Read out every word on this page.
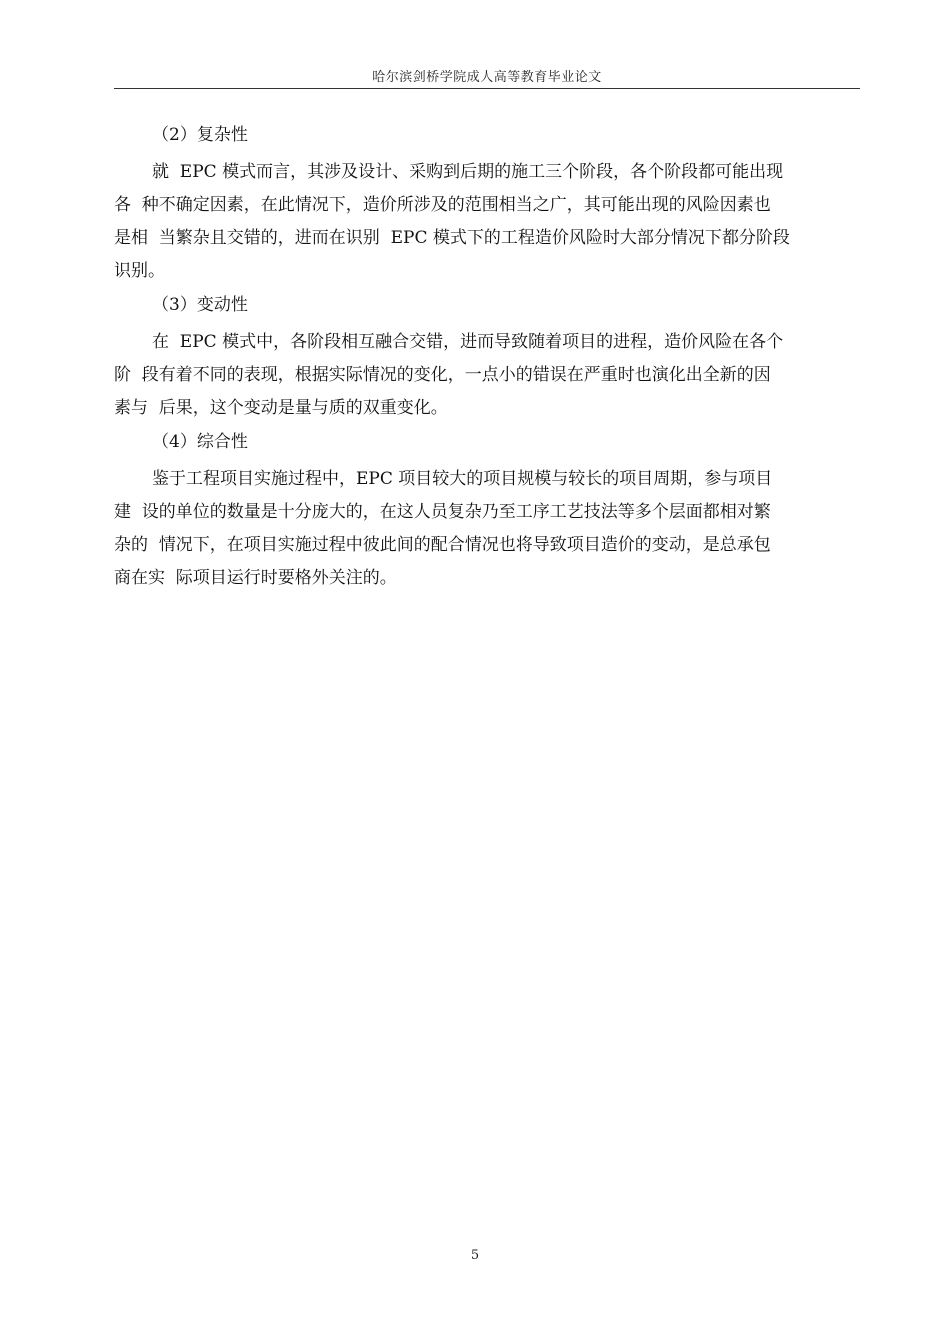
哈尔滨剑桥学院成人高等教育毕业论文
（2）复杂性
就  EPC 模式而言，其涉及设计、采购到后期的施工三个阶段，各个阶段都可能出现
各  种不确定因素，在此情况下，造价所涉及的范围相当之广，其可能出现的风险因素也
是相  当繁杂且交错的，进而在识别  EPC 模式下的工程造价风险时大部分情况下都分阶段
识别。
（3）变动性
在  EPC 模式中，各阶段相互融合交错，进而导致随着项目的进程，造价风险在各个
阶  段有着不同的表现，根据实际情况的变化，一点小的错误在严重时也演化出全新的因
素与  后果，这个变动是量与质的双重变化。
（4）综合性
鉴于工程项目实施过程中，EPC 项目较大的项目规模与较长的项目周期，参与项目
建  设的单位的数量是十分庞大的，在这人员复杂乃至工序工艺技法等多个层面都相对繁
杂的  情况下，在项目实施过程中彼此间的配合情况也将导致项目造价的变动，是总承包
商在实  际项目运行时要格外关注的。
5
